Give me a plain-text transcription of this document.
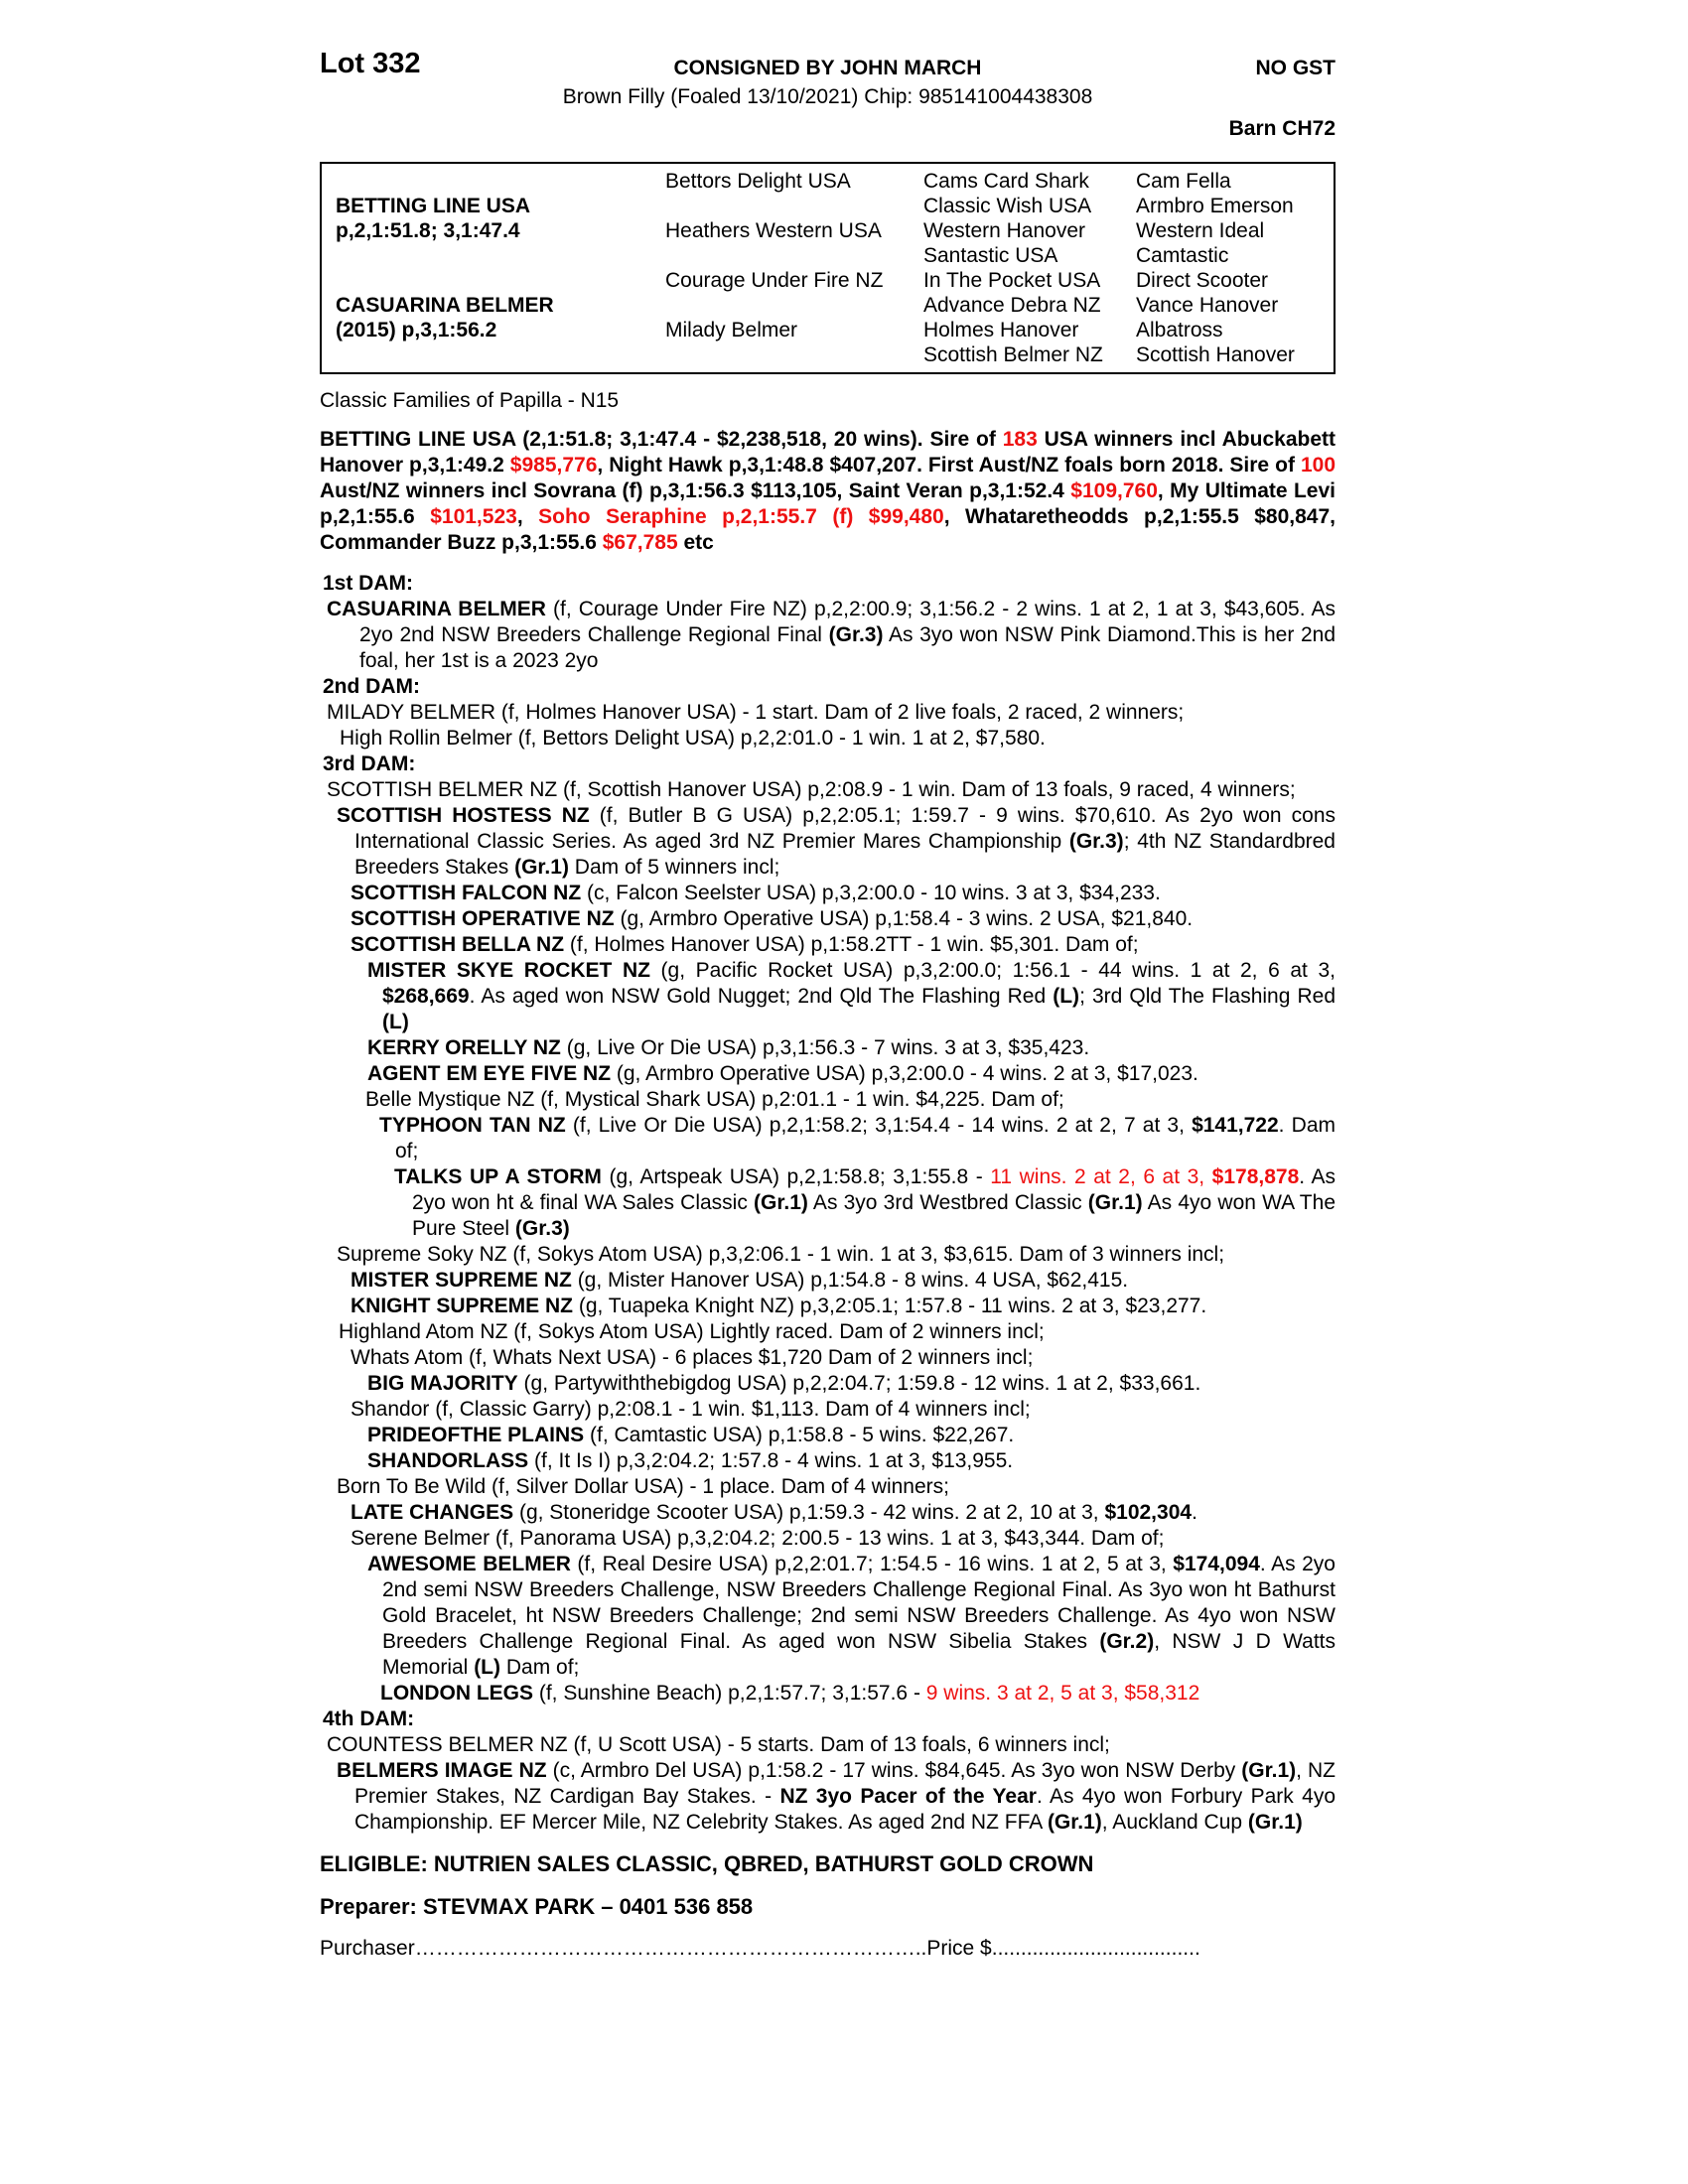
Lot 332	CONSIGNED BY JOHN MARCH	NO GST
Brown Filly (Foaled 13/10/2021) Chip: 985141004438308
Barn CH72
BETTING LINE USA
p,2,1:51.8; 3,1:47.4
CASUARINA BELMER
(2015) p,3,1:56.2
Bettors Delight USA
Heathers Western USA
Courage Under Fire NZ
Milady Belmer
Cams Card Shark
Classic Wish USA
Western Hanover
Santastic USA
In The Pocket USA
Advance Debra NZ
Holmes Hanover
Scottish Belmer NZ
Cam Fella
Armbro Emerson
Western Ideal
Camtastic
Direct Scooter
Vance Hanover
Albatross
Scottish Hanover
Classic Families of Papilla - N15
BETTING LINE USA (2,1:51.8; 3,1:47.4 - $2,238,518, 20 wins). Sire of 183 USA winners incl Abuckabett Hanover p,3,1:49.2 $985,776, Night Hawk p,3,1:48.8 $407,207. First Aust/NZ foals born 2018. Sire of 100 Aust/NZ winners incl Sovrana (f) p,3,1:56.3 $113,105, Saint Veran p,3,1:52.4 $109,760, My Ultimate Levi p,2,1:55.6 $101,523, Soho Seraphine p,2,1:55.7 (f) $99,480, Whataretheodds p,2,1:55.5 $80,847, Commander Buzz p,3,1:55.6 $67,785 etc
1st DAM:
CASUARINA BELMER (f, Courage Under Fire NZ) p,2,2:00.9; 3,1:56.2 - 2 wins. 1 at 2, 1 at 3, $43,605. As 2yo 2nd NSW Breeders Challenge Regional Final (Gr.3) As 3yo won NSW Pink Diamond.This is her 2nd foal, her 1st is a 2023 2yo
2nd DAM:
MILADY BELMER (f, Holmes Hanover USA) - 1 start. Dam of 2 live foals, 2 raced, 2 winners;
High Rollin Belmer (f, Bettors Delight USA) p,2,2:01.0 - 1 win. 1 at 2, $7,580.
3rd DAM:
SCOTTISH BELMER NZ (f, Scottish Hanover USA) p,2:08.9 - 1 win. Dam of 13 foals, 9 raced, 4 winners;
SCOTTISH HOSTESS NZ (f, Butler B G USA) p,2,2:05.1; 1:59.7 - 9 wins. $70,610. As 2yo won cons International Classic Series. As aged 3rd NZ Premier Mares Championship (Gr.3); 4th NZ Standardbred Breeders Stakes (Gr.1) Dam of 5 winners incl;
SCOTTISH FALCON NZ (c, Falcon Seelster USA) p,3,2:00.0 - 10 wins. 3 at 3, $34,233.
SCOTTISH OPERATIVE NZ (g, Armbro Operative USA) p,1:58.4 - 3 wins. 2 USA, $21,840.
SCOTTISH BELLA NZ (f, Holmes Hanover USA) p,1:58.2TT - 1 win. $5,301. Dam of;
MISTER SKYE ROCKET NZ (g, Pacific Rocket USA) p,3,2:00.0; 1:56.1 - 44 wins. 1 at 2, 6 at 3, $268,669. As aged won NSW Gold Nugget; 2nd Qld The Flashing Red (L); 3rd Qld The Flashing Red (L)
KERRY ORELLY NZ (g, Live Or Die USA) p,3,1:56.3 - 7 wins. 3 at 3, $35,423.
AGENT EM EYE FIVE NZ (g, Armbro Operative USA) p,3,2:00.0 - 4 wins. 2 at 3, $17,023.
Belle Mystique NZ (f, Mystical Shark USA) p,2:01.1 - 1 win. $4,225. Dam of;
TYPHOON TAN NZ (f, Live Or Die USA) p,2,1:58.2; 3,1:54.4 - 14 wins. 2 at 2, 7 at 3, $141,722. Dam of;
TALKS UP A STORM (g, Artspeak USA) p,2,1:58.8; 3,1:55.8 - 11 wins. 2 at 2, 6 at 3, $178,878. As 2yo won ht & final WA Sales Classic (Gr.1) As 3yo 3rd Westbred Classic (Gr.1) As 4yo won WA The Pure Steel (Gr.3)
Supreme Soky NZ (f, Sokys Atom USA) p,3,2:06.1 - 1 win. 1 at 3, $3,615. Dam of 3 winners incl;
MISTER SUPREME NZ (g, Mister Hanover USA) p,1:54.8 - 8 wins. 4 USA, $62,415.
KNIGHT SUPREME NZ (g, Tuapeka Knight NZ) p,3,2:05.1; 1:57.8 - 11 wins. 2 at 3, $23,277.
Highland Atom NZ (f, Sokys Atom USA) Lightly raced. Dam of 2 winners incl;
Whats Atom (f, Whats Next USA) - 6 places $1,720 Dam of 2 winners incl;
BIG MAJORITY (g, Partywiththebigdog USA) p,2,2:04.7; 1:59.8 - 12 wins. 1 at 2, $33,661.
Shandor (f, Classic Garry) p,2:08.1 - 1 win. $1,113. Dam of 4 winners incl;
PRIDEOFTHE PLAINS (f, Camtastic USA) p,1:58.8 - 5 wins. $22,267.
SHANDORLASS (f, It Is I) p,3,2:04.2; 1:57.8 - 4 wins. 1 at 3, $13,955.
Born To Be Wild (f, Silver Dollar USA) - 1 place. Dam of 4 winners;
LATE CHANGES (g, Stoneridge Scooter USA) p,1:59.3 - 42 wins. 2 at 2, 10 at 3, $102,304.
Serene Belmer (f, Panorama USA) p,3,2:04.2; 2:00.5 - 13 wins. 1 at 3, $43,344. Dam of;
AWESOME BELMER (f, Real Desire USA) p,2,2:01.7; 1:54.5 - 16 wins. 1 at 2, 5 at 3, $174,094. As 2yo 2nd semi NSW Breeders Challenge, NSW Breeders Challenge Regional Final. As 3yo won ht Bathurst Gold Bracelet, ht NSW Breeders Challenge; 2nd semi NSW Breeders Challenge. As 4yo won NSW Breeders Challenge Regional Final. As aged won NSW Sibelia Stakes (Gr.2), NSW J D Watts Memorial (L) Dam of;
LONDON LEGS (f, Sunshine Beach) p,2,1:57.7; 3,1:57.6 - 9 wins. 3 at 2, 5 at 3, $58,312
4th DAM:
COUNTESS BELMER NZ (f, U Scott USA) - 5 starts. Dam of 13 foals, 6 winners incl;
BELMERS IMAGE NZ (c, Armbro Del USA) p,1:58.2 - 17 wins. $84,645. As 3yo won NSW Derby (Gr.1), NZ Premier Stakes, NZ Cardigan Bay Stakes. - NZ 3yo Pacer of the Year. As 4yo won Forbury Park 4yo Championship. EF Mercer Mile, NZ Celebrity Stakes. As aged 2nd NZ FFA (Gr.1), Auckland Cup (Gr.1)
ELIGIBLE: NUTRIEN SALES CLASSIC, QBRED, BATHURST GOLD CROWN
Preparer: STEVMAX PARK – 0401 536 858
Purchaser………………………………………………………………..Price $....................................
